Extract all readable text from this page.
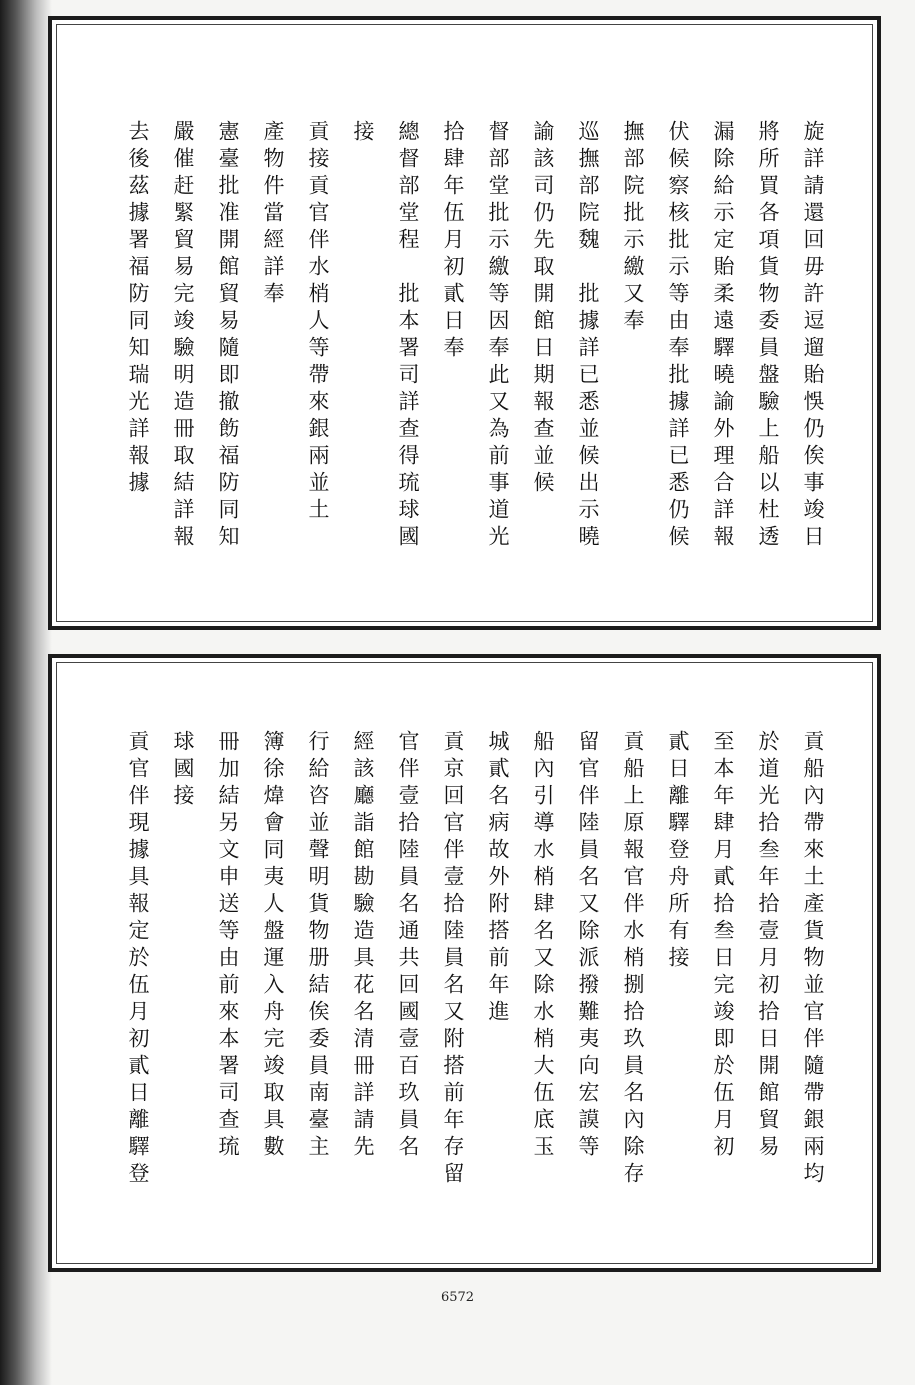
旋詳請還回毋許逗遛貽悞仍俟事竣日
將所買各項貨物委員盤驗上船以杜透
漏除給示定貽柔遠驛曉諭外理合詳報
伏候察核批示等由奉批據詳已悉仍候
撫部院批示繳又奉
巡撫部院魏　批據詳已悉並候出示曉
諭該司仍先取開館日期報查並候
督部堂批示繳等因奉此又為前事道光
拾肆年伍月初貳日奉
總督部堂程　批本署司詳查得琉球國
接
貢接貢官伴水梢人等帶來銀兩並土
產物件當經詳奉
憲臺批准開館貿易隨即撤飭福防同知
嚴催赶緊貿易完竣驗明造冊取結詳報
去後茲據署福防同知瑞光詳報據
貢船內帶來土產貨物並官伴隨帶銀兩均
於道光拾叁年拾壹月初拾日開館貿易
至本年肆月貳拾叁日完竣即於伍月初
貳日離驛登舟所有接
貢船上原報官伴水梢捌拾玖員名內除存
留官伴陸員名又除派撥難夷向宏謨等
船內引導水梢肆名又除水梢大伍底玉
城貳名病故外附搭前年進
貢京回官伴壹拾陸員名又附搭前年存留
官伴壹拾陸員名通共回國壹百玖員名
經該廳詣館勘驗造具花名清冊詳請先
行給咨並聲明貨物册結俟委員南臺主
簿徐煒會同夷人盤運入舟完竣取具數
冊加結另文申送等由前來本署司查琉
球國接
貢官伴現據具報定於伍月初貳日離驛登
6572
